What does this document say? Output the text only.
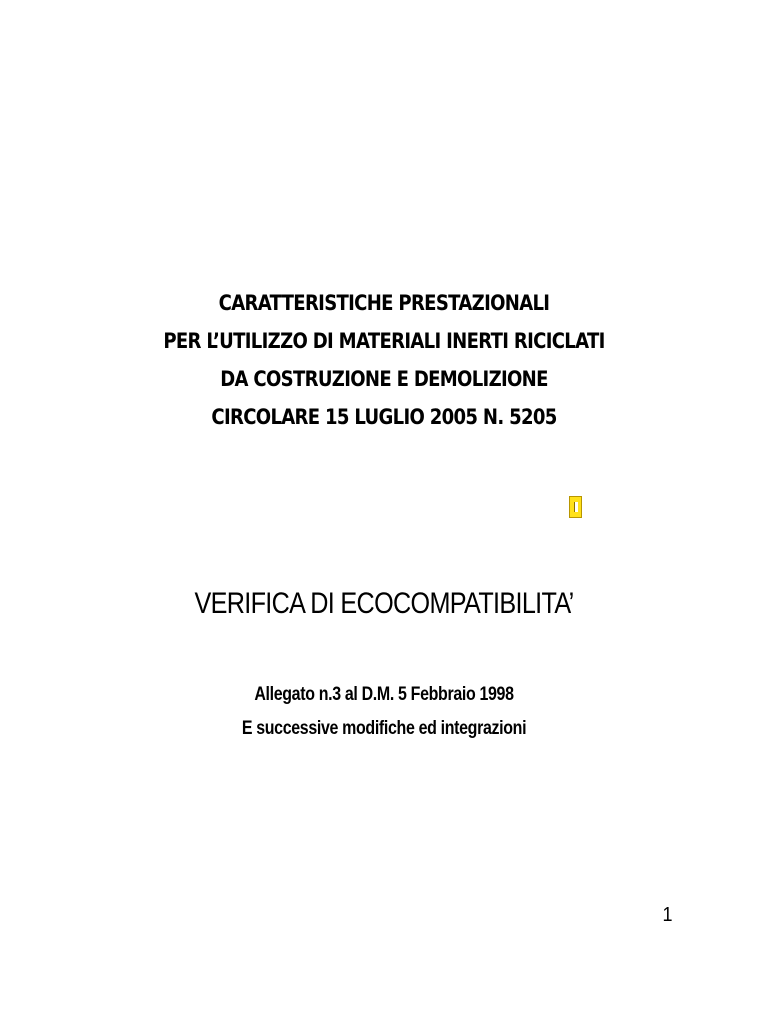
CARATTERISTICHE PRESTAZIONALI
PER L’UTILIZZO DI MATERIALI INERTI RICICLATI
DA COSTRUZIONE E DEMOLIZIONE
CIRCOLARE 15 LUGLIO 2005 N. 5205
VERIFICA DI ECOCOMPATIBILITA’
Allegato n.3 al D.M. 5 Febbraio 1998
E successive modifiche ed integrazioni
1
